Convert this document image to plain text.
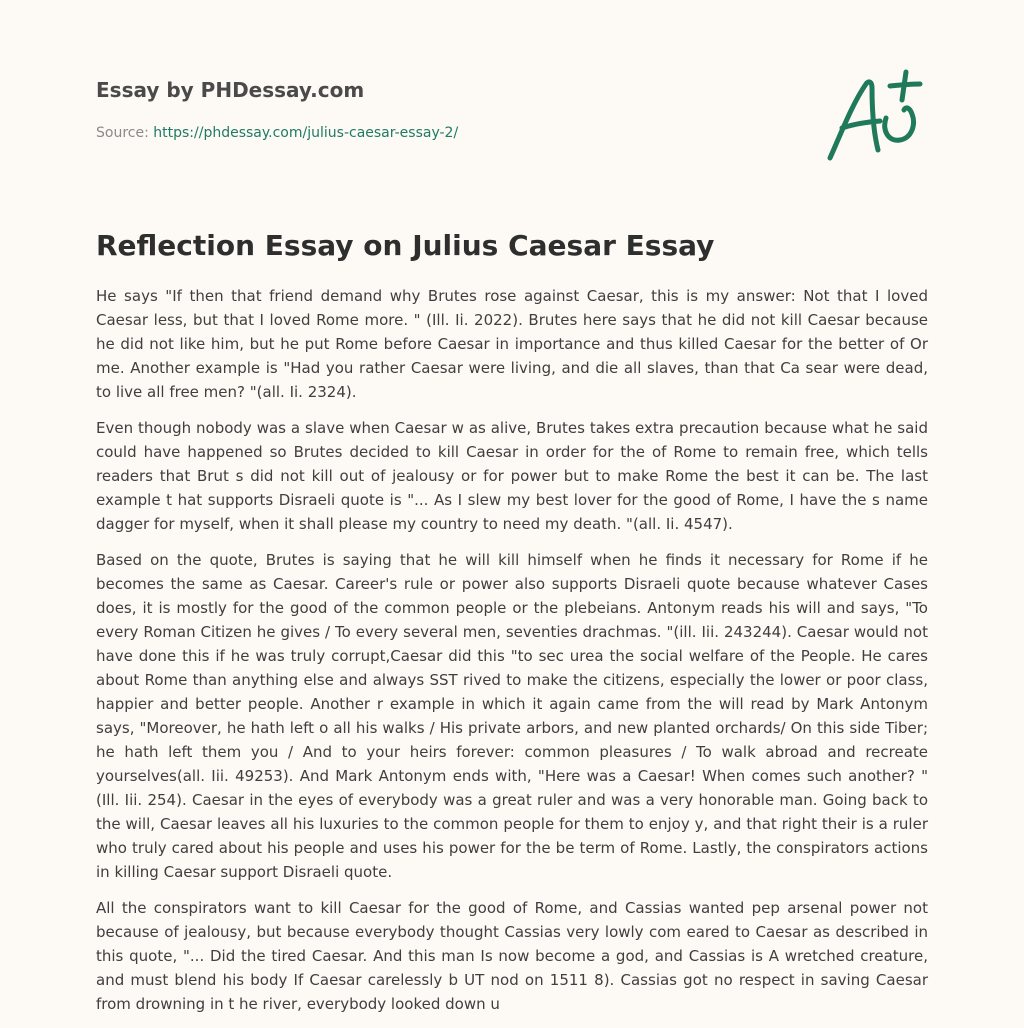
Essay by PHDessay.com
Source: https://phdessay.com/julius-caesar-essay-2/
Reflection Essay on Julius Caesar Essay

He says "If then that friend demand why Brutes rose against Caesar, this is my answer: Not that I loved Caesar less, but that I loved Rome more. " (Ill. Ii. 2022). Brutes here says that he did not kill Caesar because he did not like him, but he put Rome before Caesar in importance and thus killed Caesar for the better of Or me. Another example is "Had you rather Caesar were living, and die all slaves, than that Ca sear were dead, to live all free men? "(all. Ii. 2324).

Even though nobody was a slave when Caesar w as alive, Brutes takes extra precaution because what he said could have happened so Brutes decided to kill Caesar in order for the of Rome to remain free, which tells readers that Brut s did not kill out of jealousy or for power but to make Rome the best it can be. The last example t hat supports Disraeli quote is "... As I slew my best lover for the good of Rome, I have the s name dagger for myself, when it shall please my country to need my death. "(all. Ii. 4547).

Based on the quote, Brutes is saying that he will kill himself when he finds it necessary for Rome if he becomes the same as Caesar. Career's rule or power also supports Disraeli quote because whatever Cases does, it is mostly for the good of the common people or the plebeians. Antonym reads his will and says, "To every Roman Citizen he gives / To every several men, seventies drachmas. "(ill. Iii. 243244). Caesar would not have done this if he was truly corrupt,Caesar did this "to sec urea the social welfare of the People. He cares about Rome than anything else and always SST rived to make the citizens, especially the lower or poor class, happier and better people. Another r example in which it again came from the will read by Mark Antonym says, "Moreover, he hath left o all his walks / His private arbors, and new planted orchards/ On this side Tiber; he hath left them you / And to your heirs forever: common pleasures / To walk abroad and recreate yourselves(all. Iii. 49253). And Mark Antonym ends with, "Here was a Caesar! When comes such another? " (Ill. Iii. 254). Caesar in the eyes of everybody was a great ruler and was a very honorable man. Going back to the will, Caesar leaves all his luxuries to the common people for them to enjoy y, and that right their is a ruler who truly cared about his people and uses his power for the be term of Rome. Lastly, the conspirators actions in killing Caesar support Disraeli quote.

All the conspirators want to kill Caesar for the good of Rome, and Cassias wanted pep arsenal power not because of jealousy, but because everybody thought Cassias very lowly com eared to Caesar as described in this quote, "... Did the tired Caesar. And this man Is now become a god, and Cassias is A wretched creature, and must blend his body If Caesar carelessly b UT nod on 1511 8). Cassias got no respect in saving Caesar from drowning in t he river, everybody looked down u
